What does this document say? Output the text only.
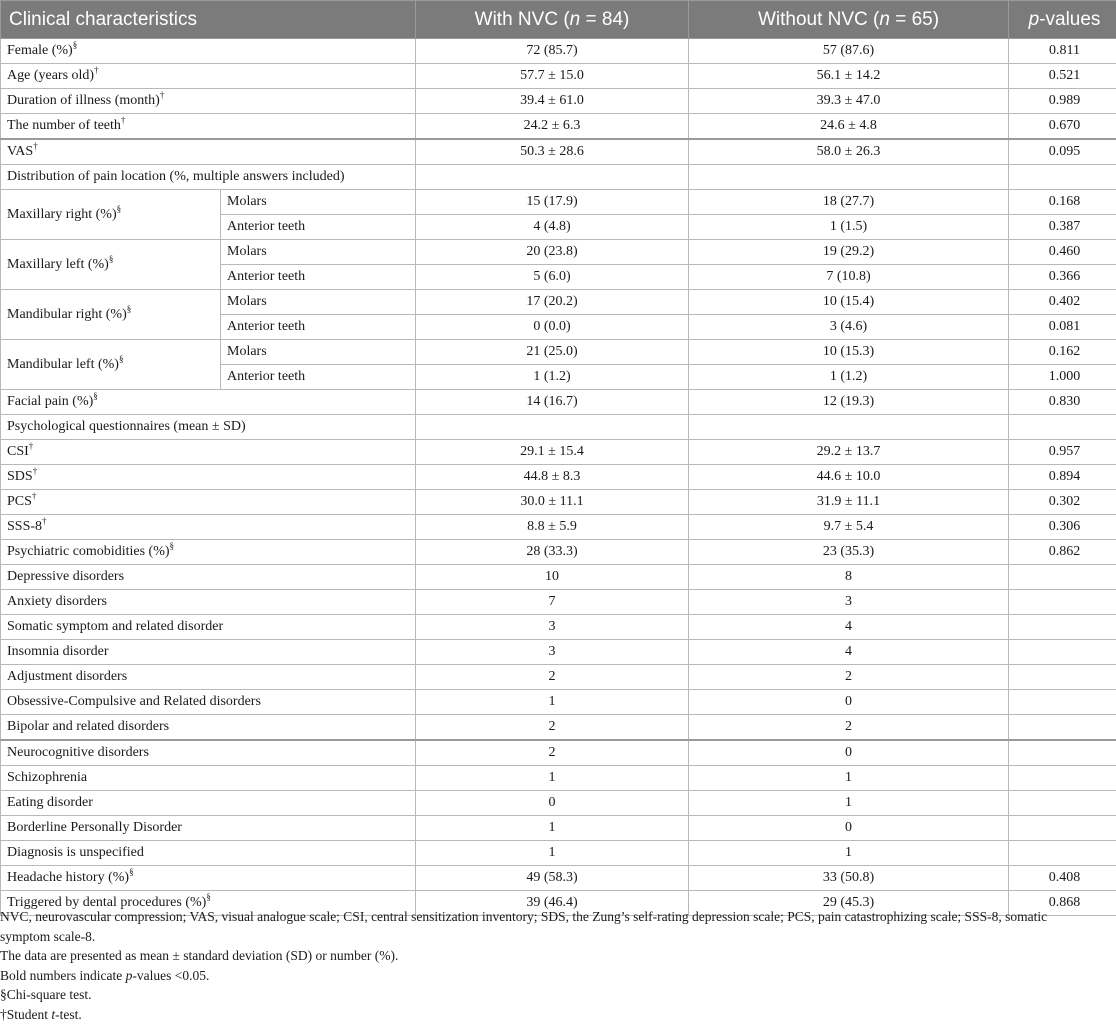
Clinical characteristics		With NVC (n = 84)	Without NVC (n = 65)	p-values
Female (%)§		72 (85.7)	57 (87.6)	0.811
Age (years old)†		57.7 ± 15.0	56.1 ± 14.2	0.521
Duration of illness (month)†		39.4 ± 61.0	39.3 ± 47.0	0.989
The number of teeth†		24.2 ± 6.3	24.6 ± 4.8	0.670
VAS†		50.3 ± 28.6	58.0 ± 26.3	0.095
Distribution of pain location (%, multiple answers included)				
Maxillary right (%)§	Molars	15 (17.9)	18 (27.7)	0.168
	Anterior teeth	4 (4.8)	1 (1.5)	0.387
Maxillary left (%)§	Molars	20 (23.8)	19 (29.2)	0.460
	Anterior teeth	5 (6.0)	7 (10.8)	0.366
Mandibular right (%)§	Molars	17 (20.2)	10 (15.4)	0.402
	Anterior teeth	0 (0.0)	3 (4.6)	0.081
Mandibular left (%)§	Molars	21 (25.0)	10 (15.3)	0.162
	Anterior teeth	1 (1.2)	1 (1.2)	1.000
Facial pain (%)§		14 (16.7)	12 (19.3)	0.830
Psychological questionnaires (mean ± SD)				
CSI†		29.1 ± 15.4	29.2 ± 13.7	0.957
SDS†		44.8 ± 8.3	44.6 ± 10.0	0.894
PCS†		30.0 ± 11.1	31.9 ± 11.1	0.302
SSS-8†		8.8 ± 5.9	9.7 ± 5.4	0.306
Psychiatric comobidities (%)§		28 (33.3)	23 (35.3)	0.862
Depressive disorders		10	8	
Anxiety disorders		7	3	
Somatic symptom and related disorder		3	4	
Insomnia disorder		3	4	
Adjustment disorders		2	2	
Obsessive-Compulsive and Related disorders		1	0	
Bipolar and related disorders		2	2	
Neurocognitive disorders		2	0	
Schizophrenia		1	1	
Eating disorder		0	1	
Borderline Personally Disorder		1	0	
Diagnosis is unspecified		1	1	
Headache history (%)§		49 (58.3)	33 (50.8)	0.408
Triggered by dental procedures (%)§		39 (46.4)	29 (45.3)	0.868

NVC, neurovascular compression; VAS, visual analogue scale; CSI, central sensitization inventory; SDS, the Zung’s self-rating depression scale; PCS, pain catastrophizing scale; SSS-8, somatic

symptom scale-8.

The data are presented as mean ± standard deviation (SD) or number (%).

Bold numbers indicate p-values <0.05.

§Chi-square test.

†Student t-test.
